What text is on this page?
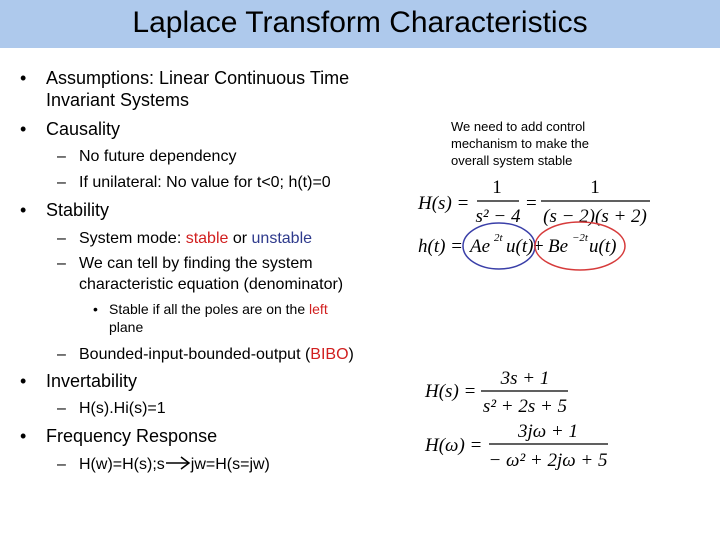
Laplace Transform Characteristics
• Assumptions: Linear Continuous Time
Invariant Systems
• Causality
– No future dependency
– If unilateral: No value for t<0; h(t)=0
• Stability
– System mode: stable or unstable
– We can tell by finding the system
characteristic equation (denominator)
• Stable if all the poles are on the left
plane
– Bounded-input-bounded-output (BIBO)
• Invertability
– H(s).Hi(s)=1
• Frequency Response
– H(w)=H(s);s jw=H(s=jw)
We need to add control
mechanism to make the
overall system stable
H(s) =
1
s² − 4
=
1
(s − 2)(s + 2)
h(t) = Ae 2t u(t) + Be −2t u(t)
H(s) =
3s + 1
s² + 2s + 5
H(ω) =
3jω + 1
− ω² + 2jω + 5
